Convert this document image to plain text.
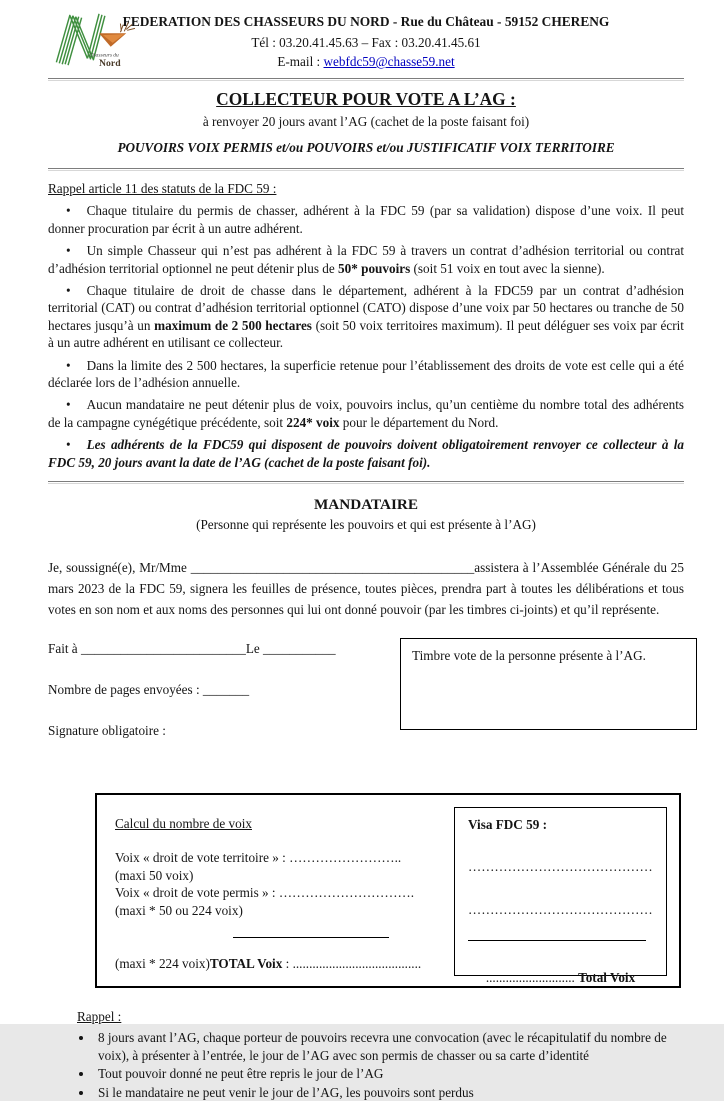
Chasseurs du
Nord
FEDERATION DES CHASSEURS DU NORD - Rue du Château - 59152 CHERENG
Tél : 03.20.41.45.63 – Fax : 03.20.41.45.61
E-mail : webfdc59@chasse59.net
COLLECTEUR POUR VOTE A L’AG :
à renvoyer 20 jours avant l’AG (cachet de la poste faisant foi)
POUVOIRS VOIX PERMIS et/ou POUVOIRS et/ou JUSTIFICATIF VOIX TERRITOIRE
Rappel article 11 des statuts de la FDC 59 :

• Chaque titulaire du permis de chasser, adhérent à la FDC 59 (par sa validation) dispose d’une voix. Il peut donner procuration par écrit à un autre adhérent.

• Un simple Chasseur qui n’est pas adhérent à la FDC 59 à travers un contrat d’adhésion territorial ou contrat d’adhésion territorial optionnel ne peut détenir plus de 50* pouvoirs (soit 51 voix en tout avec la sienne).

• Chaque titulaire de droit de chasse dans le département, adhérent à la FDC59 par un contrat d’adhésion territorial (CAT) ou contrat d’adhésion territorial optionnel (CATO) dispose d’une voix par 50 hectares ou tranche de 50 hectares jusqu’à un maximum de 2 500 hectares (soit 50 voix territoires maximum). Il peut déléguer ses voix par écrit à un autre adhérent en utilisant ce collecteur.

• Dans la limite des 2 500 hectares, la superficie retenue pour l’établissement des droits de vote est celle qui a été déclarée lors de l’adhésion annuelle.

• Aucun mandataire ne peut détenir plus de voix, pouvoirs inclus, qu’un centième du nombre total des adhérents de la campagne cynégétique précédente, soit 224* voix pour le département du Nord.

• Les adhérents de la FDC59 qui disposent de pouvoirs doivent obligatoirement renvoyer ce collecteur à la FDC 59, 20 jours avant la date de l’AG (cachet de la poste faisant foi).

MANDATAIRE
(Personne qui représente les pouvoirs et qui est présente à l’AG)

Je, soussigné(e), Mr/Mme ___________________________________________assistera à l’Assemblée Générale du 25 mars 2023 de la FDC 59, signera les feuilles de présence, toutes pièces, prendra part à toutes les délibérations et tous votes en son nom et aux noms des personnes qui lui ont donné pouvoir (par les timbres ci-joints) et qu’il représente.

Fait à _________________________Le ___________
Nombre de pages envoyées : _______
Signature obligatoire :
Timbre vote de la personne présente à l’AG.
Calcul du nombre de voix
Voix « droit de vote territoire » : ……………………..
(maxi 50 voix)
Voix « droit de vote permis » : ………………………….
(maxi * 50 ou 224 voix)
(maxi * 224 voix)TOTAL Voix : .......................................
Visa FDC 59 :
……………………………………
……………………………………
........................... Total Voix
Rappel :
• 8 jours avant l’AG, chaque porteur de pouvoirs recevra une convocation (avec le récapitulatif du nombre de voix), à présenter à l’entrée, le jour de l’AG avec son permis de chasser ou sa carte d’identité
• Tout pouvoir donné ne peut être repris le jour de l’AG
• Si le mandataire ne peut venir le jour de l’AG, les pouvoirs sont perdus
